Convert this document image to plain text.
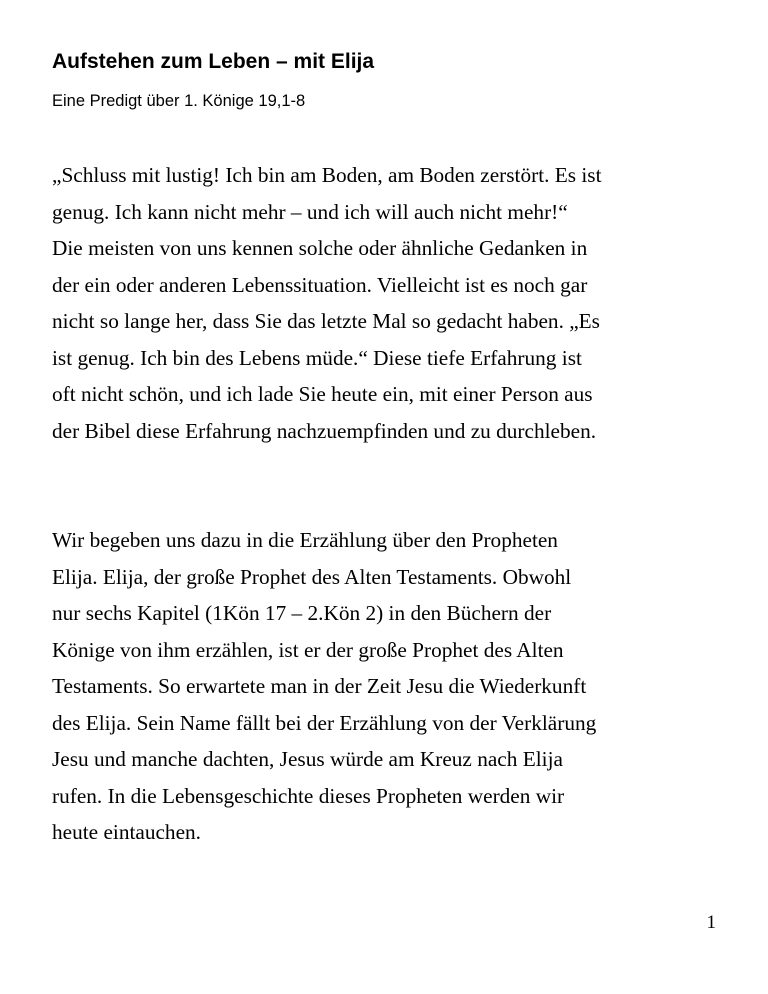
Aufstehen zum Leben – mit Elija

Eine Predigt über 1. Könige 19,1-8

„Schluss mit lustig! Ich bin am Boden, am Boden zerstört. Es ist
genug. Ich kann nicht mehr – und ich will auch nicht mehr!“
Die meisten von uns kennen solche oder ähnliche Gedanken in
der ein oder anderen Lebenssituation. Vielleicht ist es noch gar
nicht so lange her, dass Sie das letzte Mal so gedacht haben. „Es
ist genug. Ich bin des Lebens müde.“ Diese tiefe Erfahrung ist
oft nicht schön, und ich lade Sie heute ein, mit einer Person aus
der Bibel diese Erfahrung nachzuempfinden und zu durchleben.
Wir begeben uns dazu in die Erzählung über den Propheten
Elija. Elija, der große Prophet des Alten Testaments. Obwohl
nur sechs Kapitel (1Kön 17 – 2.Kön 2) in den Büchern der
Könige von ihm erzählen, ist er der große Prophet des Alten
Testaments. So erwartete man in der Zeit Jesu die Wiederkunft
des Elija. Sein Name fällt bei der Erzählung von der Verklärung
Jesu und manche dachten, Jesus würde am Kreuz nach Elija
rufen. In die Lebensgeschichte dieses Propheten werden wir
heute eintauchen.

1
